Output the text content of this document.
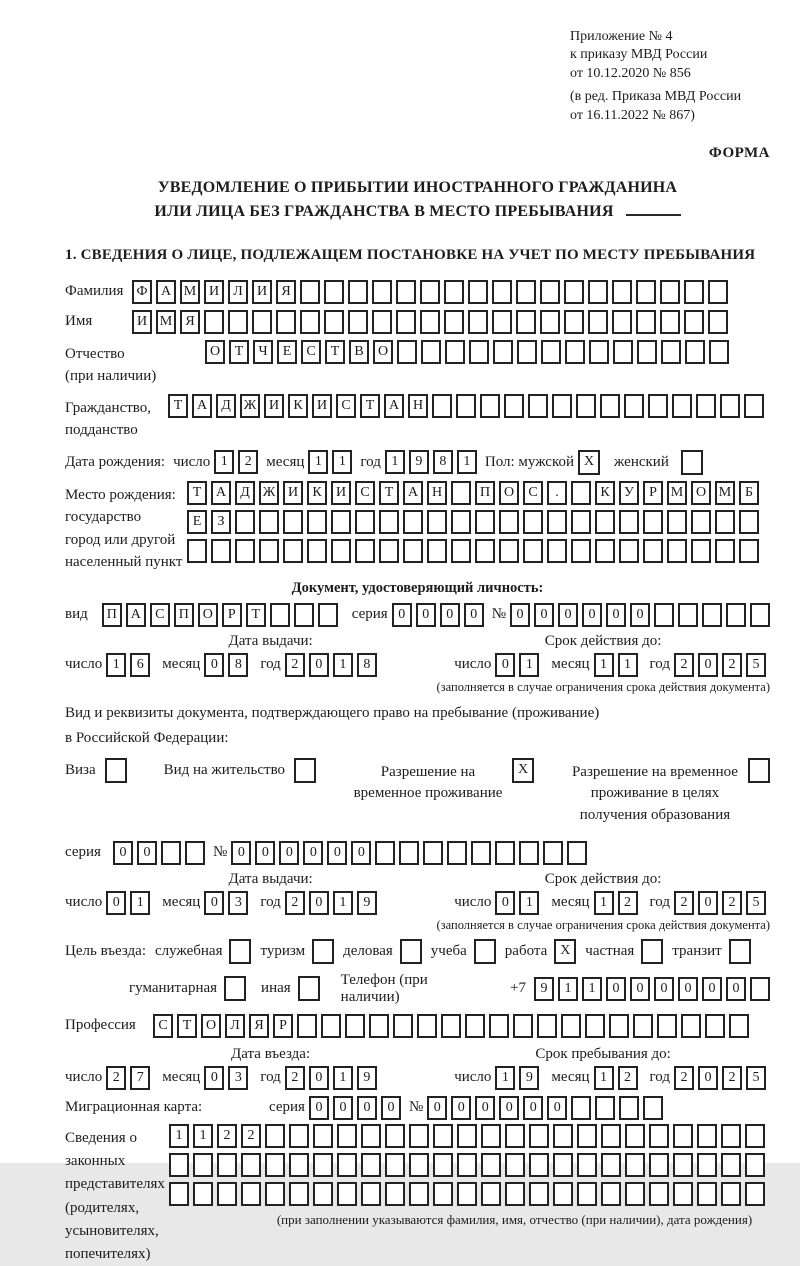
Приложение № 4
к приказу МВД России
от 10.12.2020 № 856
(в ред. Приказа МВД России
от 16.11.2022 № 867)
ФОРМА
УВЕДОМЛЕНИЕ О ПРИБЫТИИ ИНОСТРАННОГО ГРАЖДАНИНА
ИЛИ ЛИЦА БЕЗ ГРАЖДАНСТВА В МЕСТО ПРЕБЫВАНИЯ
1. СВЕДЕНИЯ О ЛИЦЕ, ПОДЛЕЖАЩЕМ ПОСТАНОВКЕ НА УЧЕТ ПО МЕСТУ ПРЕБЫВАНИЯ
Фамилия Ф А М И	Л	И	Я
Имя	И М Я
Отчество
(при наличии)
О	Т	Ч	Е	С	Т	В	О
Гражданство,
подданство
Т	А	Д Ж И	К	И	С	Т	А Н
Дата рождения: число 1	2 месяц 1	1 год 1	9	8	1 Пол: мужской X	женский
Место рождения:
государство
город или другой
населенный пункт
Т	А	Д Ж И	К	И	С	Т	А Н	П О	С	.	К	У	Р М О М Б
Е	З
Документ, удостоверяющий личность:
вид	П А	С	П О	Р	Т	серия 0	0	0	0 № 0	0	0	0	0	0
Дата выдачи:
число 1	6	месяц 0	8	год 2	0	1	8
Срок действия до:
число 0	1	месяц 1	1	год 2	0	2	5
(заполняется в случае ограничения срока действия документа)
Вид и реквизиты документа, подтверждающего право на пребывание (проживание)
в Российской Федерации:
Виза	Вид на жительство	Разрешение на временное проживание
X	Разрешение на временное проживание в целях получения образования
серия	0	0	№ 0	0	0	0	0	0
Дата выдачи:
число 0	1	месяц 0	3	год 2	0	1	9
Срок действия до:
число 0	1	месяц 1	2	год 2	0	2	5
(заполняется в случае ограничения срока действия документа)
Цель въезда: служебная	туризм	деловая	учеба	работа X частная	транзит
гуманитарная	иная
Телефон (при наличии)
+7	9	1	1	0	0	0	0	0	0
Профессия	С	Т	О	Л	Я	Р
Дата въезда:
число 2	7	месяц 0	3	год 2	0	1	9
Срок пребывания до:
число 1	9	месяц 1	2	год 2	0	2	5
Миграционная карта:	серия 0	0	0	0 № 0	0	0	0	0	0
Сведения о
законных
представителях
(родителях,
усыновителях,
попечителях)
1	1	2	2
(при заполнении указываются фамилия, имя, отчество (при наличии), дата рождения)
